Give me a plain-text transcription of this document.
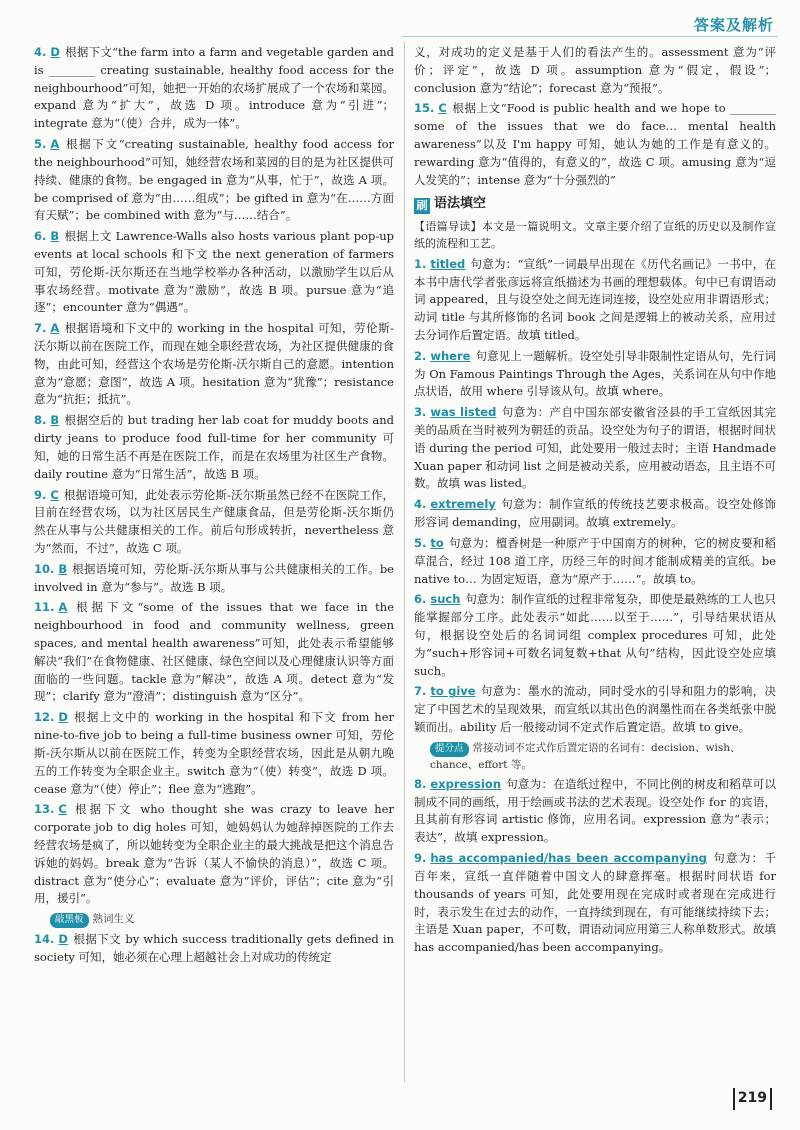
答案及解析

4. D 根据下文“the farm into a farm and vegetable garden and is ________ creating sustainable, healthy food access for the neighbourhood”可知，她把一开始的农场扩展成了一个农场和菜园。expand 意为“扩大”，故选 D 项。introduce 意为“引进”；integrate 意为“（使）合并，成为一体”。

5. A 根据下文“creating sustainable, healthy food access for the neighbourhood”可知，她经营农场和菜园的目的是为社区提供可持续、健康的食物。be engaged in 意为“从事，忙于”，故选 A 项。be comprised of 意为“由……组成”；be gifted in 意为“在……方面有天赋”；be combined with 意为“与……结合”。

6. B 根据上文 Lawrence-Walls also hosts various plant pop-up events at local schools 和下文 the next generation of farmers 可知，劳伦斯-沃尔斯还在当地学校举办各种活动，以激励学生以后从事农场经营。motivate 意为“激励”，故选 B 项。pursue 意为“追逐”；encounter 意为“偶遇”。

7. A 根据语境和下文中的 working in the hospital 可知，劳伦斯-沃尔斯以前在医院工作，而现在她全职经营农场，为社区提供健康的食物，由此可知，经营这个农场是劳伦斯-沃尔斯自己的意愿。intention 意为“意愿；意图”，故选 A 项。hesitation 意为“犹豫”；resistance 意为“抗拒；抵抗”。

8. B 根据空后的 but trading her lab coat for muddy boots and dirty jeans to produce food full-time for her community 可知，她的日常生活不再是在医院工作，而是在农场里为社区生产食物。daily routine 意为“日常生活”，故选 B 项。

9. C 根据语境可知，此处表示劳伦斯-沃尔斯虽然已经不在医院工作，目前在经营农场，以为社区居民生产健康食品，但是劳伦斯-沃尔斯仍然在从事与公共健康相关的工作。前后句形成转折，nevertheless 意为“然而，不过”，故选 C 项。

10. B 根据语境可知，劳伦斯-沃尔斯从事与公共健康相关的工作。be involved in 意为“参与”。故选 B 项。

11. A 根据下文“some of the issues that we face in the neighbourhood in food and community wellness, green spaces, and mental health awareness”可知，此处表示希望能够解决“我们”在食物健康、社区健康、绿色空间以及心理健康认识等方面面临的一些问题。tackle 意为“解决”，故选 A 项。detect 意为“发现”；clarify 意为“澄清”；distinguish 意为“区分”。

12. D 根据上文中的 working in the hospital 和下文 from her nine-to-five job to being a full-time business owner 可知，劳伦斯-沃尔斯从以前在医院工作，转变为全职经营农场，因此是从朝九晚五的工作转变为全职企业主。switch 意为“（使）转变”，故选 D 项。cease 意为“（使）停止”；flee 意为“逃跑”。

13. C 根据下文 who thought she was crazy to leave her corporate job to dig holes 可知，她妈妈认为她辞掉医院的工作去经营农场是疯了，所以她转变为全职企业主的最大挑战是把这个消息告诉她的妈妈。break 意为“告诉（某人不愉快的消息）”，故选 C 项。distract 意为“使分心”；evaluate 意为“评价，评估”；cite 意为“引用，援引”。

敲黑板 熟词生义

14. D 根据下文 by which success traditionally gets defined in society 可知，她必须在心理上超越社会上对成功的传统定

义，对成功的定义是基于人们的看法产生的。assessment 意为“评价；评定”，故选 D 项。assumption 意为“假定，假设”；conclusion 意为“结论”；forecast 意为“预报”。

15. C 根据上文“Food is public health and we hope to ________ some of the issues that we do face… mental health awareness”以及 I'm happy 可知，她认为她的工作是有意义的。rewarding 意为“值得的，有意义的”，故选 C 项。amusing 意为“逗人发笑的”；intense 意为“十分强烈的”

刷 语法填空

【语篇导读】本文是一篇说明文。文章主要介绍了宣纸的历史以及制作宣纸的流程和工艺。

1. titled 句意为：“宣纸”一词最早出现在《历代名画记》一书中，在本书中唐代学者张彦远将宣纸描述为书画的理想载体。句中已有谓语动词 appeared，且与设空处之间无连词连接，设空处应用非谓语形式；动词 title 与其所修饰的名词 book 之间是逻辑上的被动关系，应用过去分词作后置定语。故填 titled。

2. where 句意见上一题解析。设空处引导非限制性定语从句，先行词为 On Famous Paintings Through the Ages，关系词在从句中作地点状语，故用 where 引导该从句。故填 where。

3. was listed 句意为：产自中国东部安徽省泾县的手工宣纸因其完美的品质在当时被列为朝廷的贡品。设空处为句子的谓语，根据时间状语 during the period 可知，此处要用一般过去时；主语 Handmade Xuan paper 和动词 list 之间是被动关系，应用被动语态，且主语不可数。故填 was listed。

4. extremely 句意为：制作宣纸的传统技艺要求极高。设空处修饰形容词 demanding，应用副词。故填 extremely。

5. to 句意为：檀香树是一种原产于中国南方的树种，它的树皮要和稻草混合，经过 108 道工序，历经三年的时间才能制成精美的宣纸。be native to… 为固定短语，意为“原产于……”。故填 to。

6. such 句意为：制作宣纸的过程非常复杂，即使是最熟练的工人也只能掌握部分工序。此处表示“如此……以至于……”，引导结果状语从句，根据设空处后的名词词组 complex procedures 可知，此处为“such+形容词+可数名词复数+that 从句”结构，因此设空处应填 such。

7. to give 句意为：墨水的流动，同时受水的引导和阻力的影响，决定了中国艺术的呈现效果，而宣纸以其出色的润墨性而在各类纸张中脱颖而出。ability 后一般接动词不定式作后置定语。故填 to give。

提分点 常接动词不定式作后置定语的名词有：decision、wish、chance、effort 等。

8. expression 句意为：在造纸过程中，不同比例的树皮和稻草可以制成不同的画纸，用于绘画或书法的艺术表现。设空处作 for 的宾语，且其前有形容词 artistic 修饰，应用名词。expression 意为“表示；表达”，故填 expression。

9. has accompanied/has been accompanying 句意为：千百年来，宣纸一直伴随着中国文人的肆意挥毫。根据时间状语 for thousands of years 可知，此处要用现在完成时或者现在完成进行时，表示发生在过去的动作，一直持续到现在，有可能继续持续下去；主语是 Xuan paper，不可数，谓语动词应用第三人称单数形式。故填 has accompanied/has been accompanying。

219
